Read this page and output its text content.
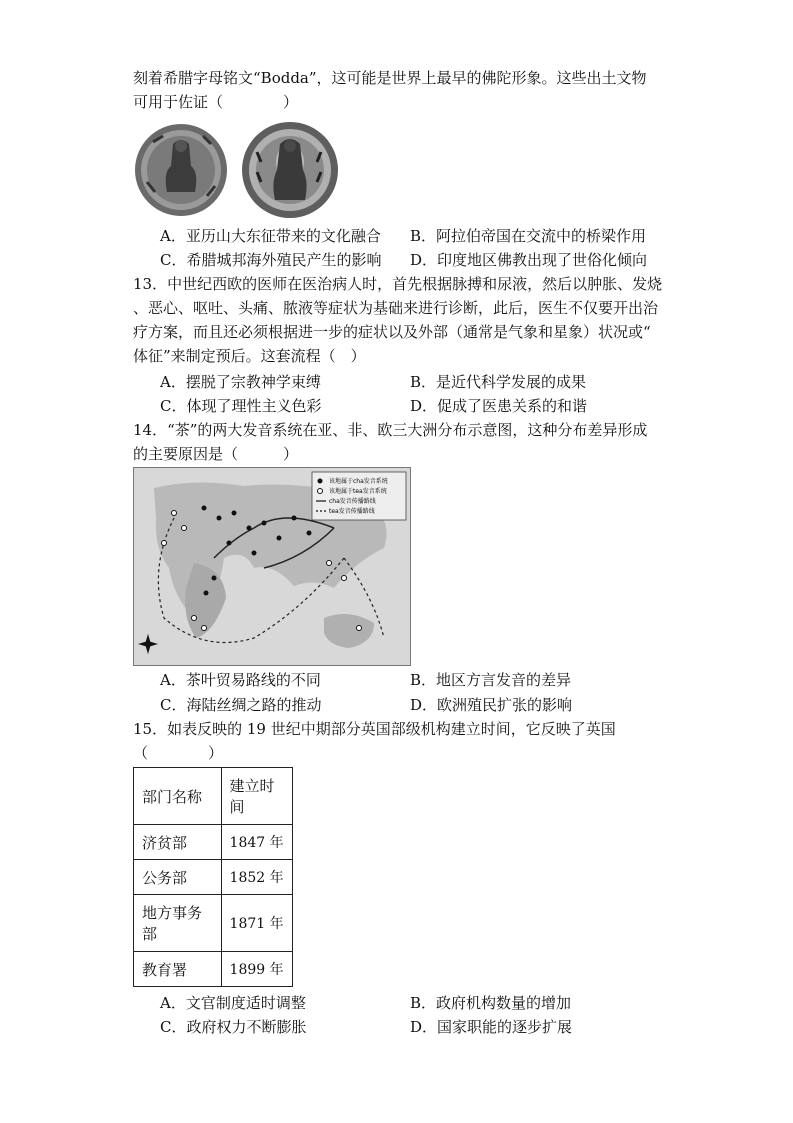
刻着希腊字母铭文“Bodda”，这可能是世界上最早的佛陀形象。这些出土文物
可用于佐证（　　　　）
A．亚历山大东征带来的文化融合 B．阿拉伯帝国在交流中的桥梁作用
C．希腊城邦海外殖民产生的影响 D．印度地区佛教出现了世俗化倾向
13．中世纪西欧的医师在医治病人时，首先根据脉搏和尿液，然后以肿胀、发烧
、恶心、呕吐、头痛、脓液等症状为基础来进行诊断，此后，医生不仅要开出治
疗方案，而且还必须根据进一步的症状以及外部（通常是气象和星象）状况或“
体征”来制定预后。这套流程（　）
A．摆脱了宗教神学束缚	B．是近代科学发展的成果
C．体现了理性主义色彩	D．促成了医患关系的和谐
14．“茶”的两大发音系统在亚、非、欧三大洲分布示意图，这种分布差异形成
的主要原因是（　　　）
该地属于cha发音系统
该地属于tea发音系统
cha发音传播路线
tea发音传播路线
A．茶叶贸易路线的不同	B．地区方言发音的差异
C．海陆丝绸之路的推动	D．欧洲殖民扩张的影响
15．如表反映的 19 世纪中期部分英国部级机构建立时间，它反映了英国
（　　　　）
部门名称	建立时间
济贫部	1847 年
公务部	1852 年
地方事务部	1871 年
教育署	1899 年
A．文官制度适时调整	B．政府机构数量的增加
C．政府权力不断膨胀	D．国家职能的逐步扩展
